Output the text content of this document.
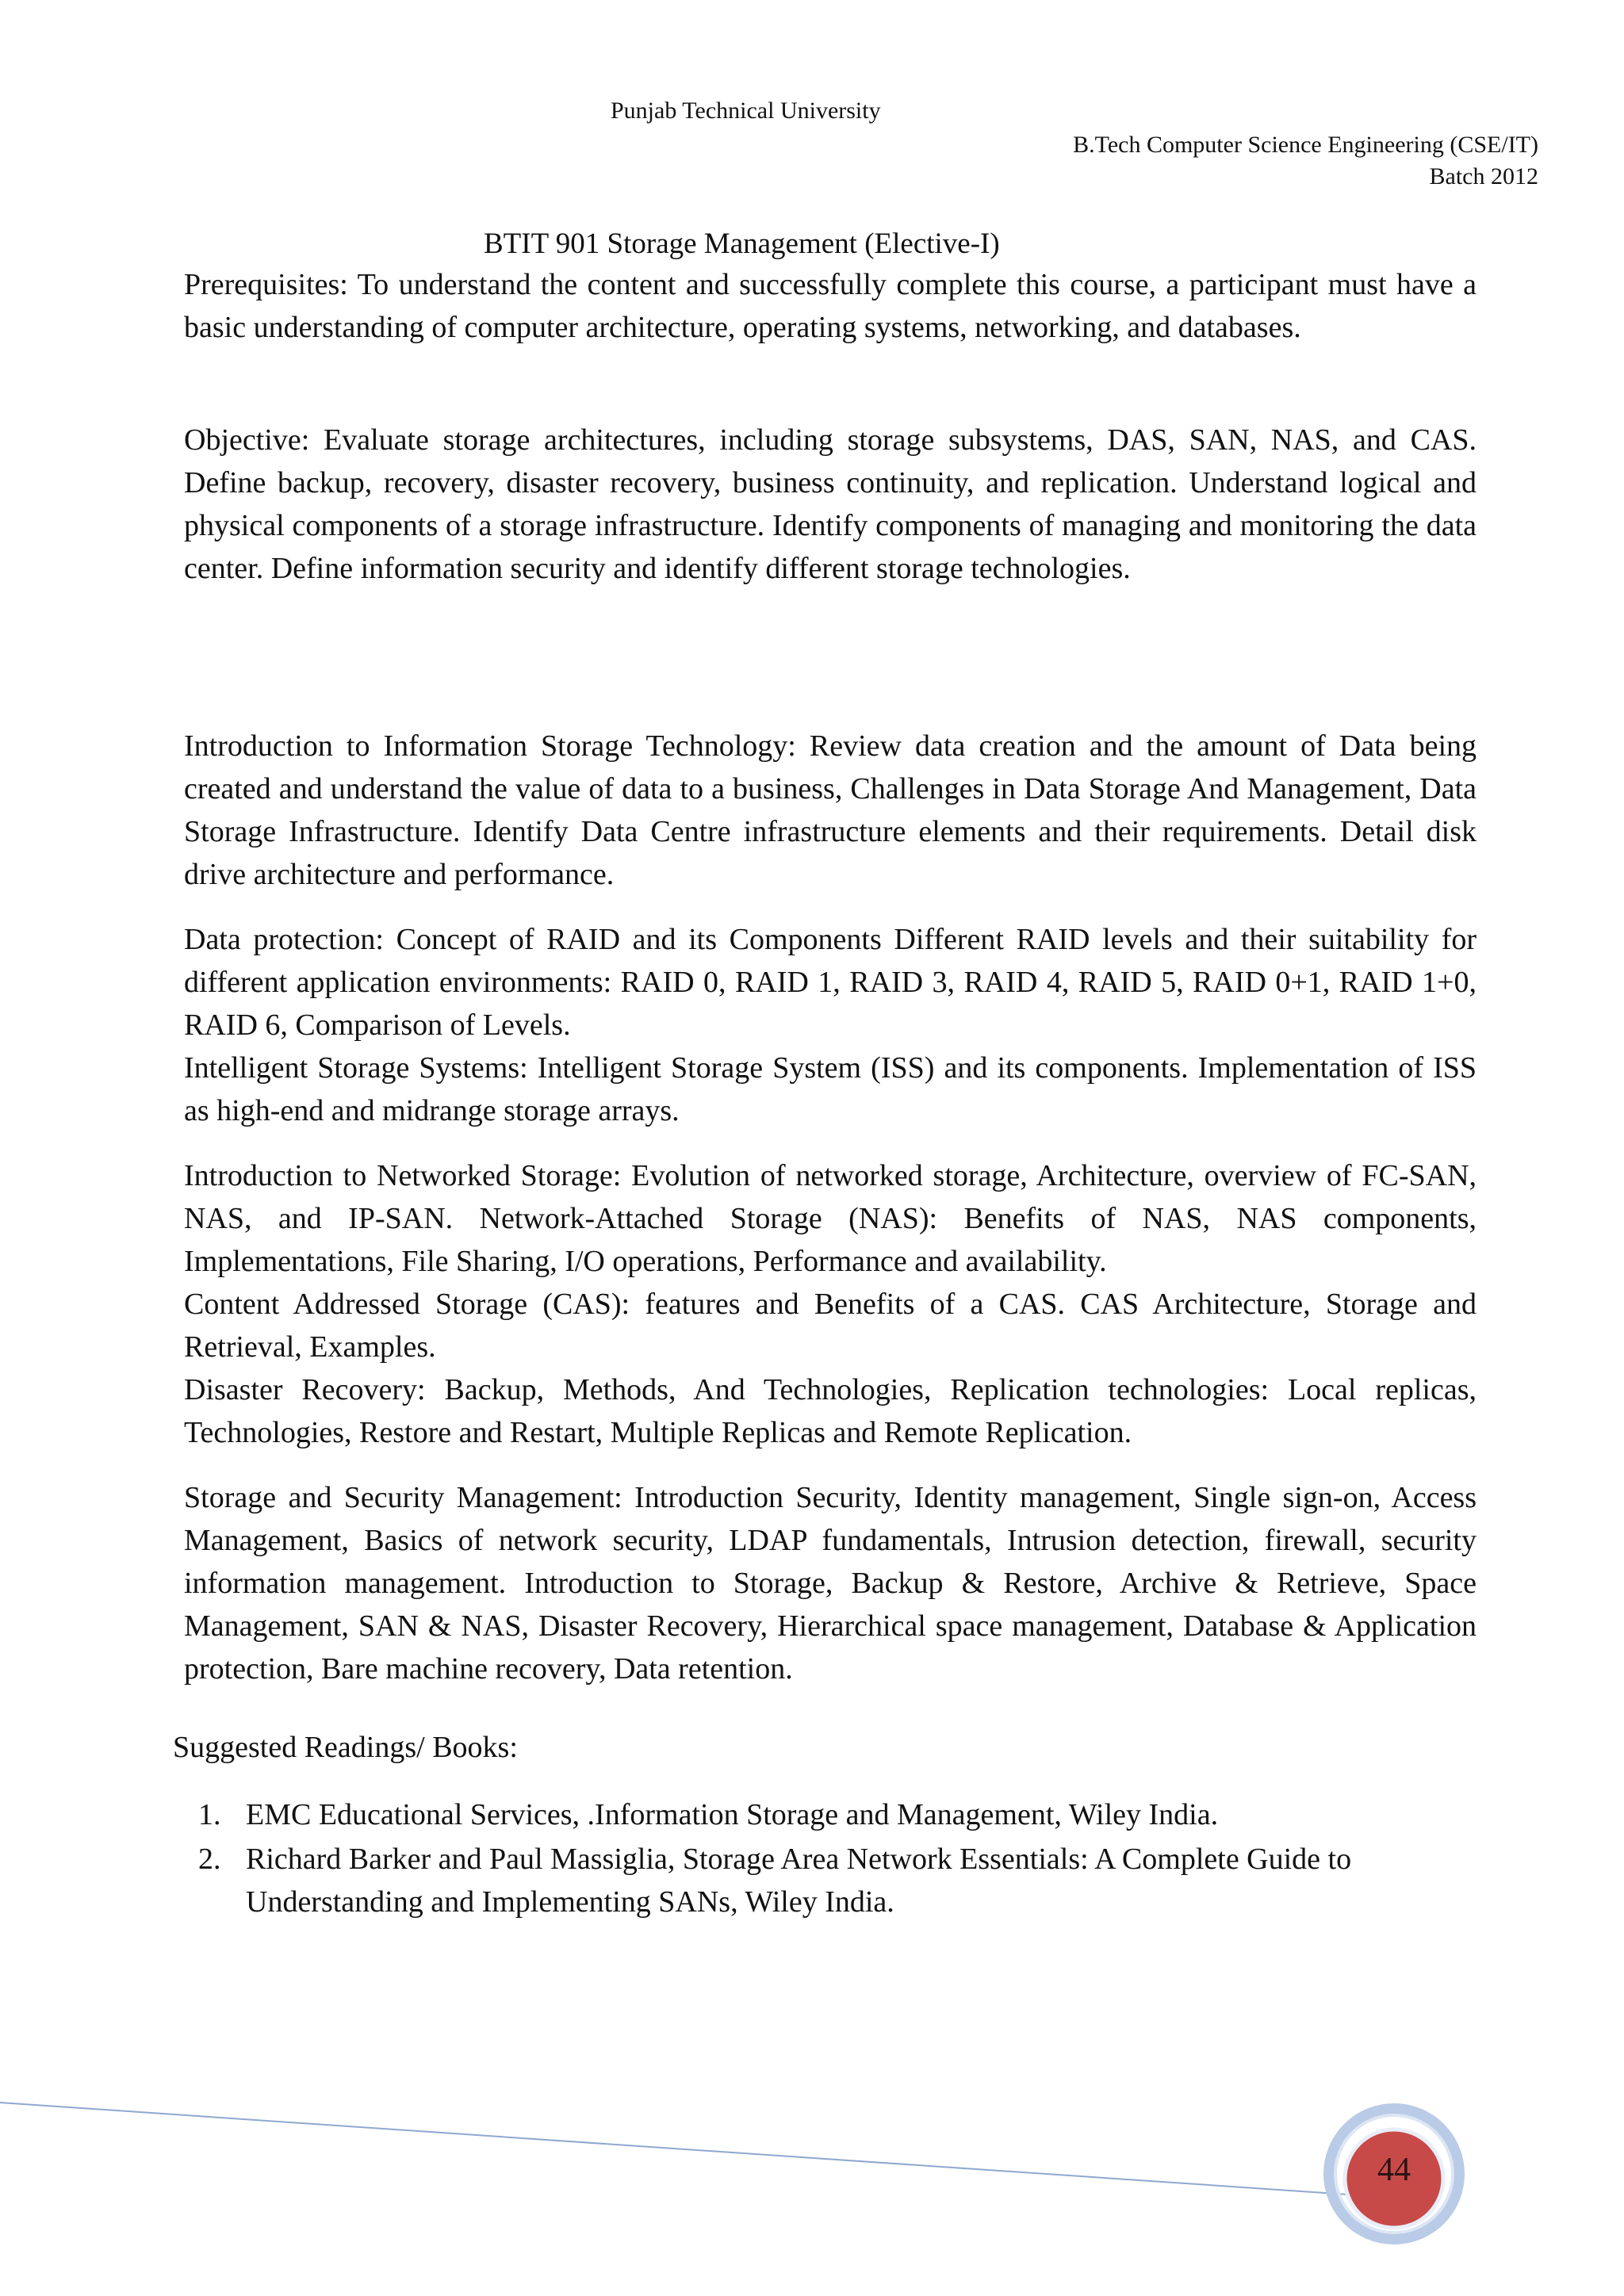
Punjab Technical University
B.Tech Computer Science Engineering (CSE/IT)
Batch 2012
BTIT 901 Storage Management (Elective-I)

Prerequisites: To understand the content and successfully complete this course, a participant must have a basic understanding of computer architecture, operating systems, networking, and databases.

Objective: Evaluate storage architectures, including storage subsystems, DAS, SAN, NAS, and CAS. Define backup, recovery, disaster recovery, business continuity, and replication. Understand logical and physical components of a storage infrastructure. Identify components of managing and monitoring the data center. Define information security and identify different storage technologies.

Introduction to Information Storage Technology: Review data creation and the amount of Data being created and understand the value of data to a business, Challenges in Data Storage And Management, Data Storage Infrastructure. Identify Data Centre infrastructure elements and their requirements. Detail disk drive architecture and performance.

Data protection: Concept of RAID and its Components Different RAID levels and their suitability for different application environments: RAID 0, RAID 1, RAID 3, RAID 4, RAID 5, RAID 0+1, RAID 1+0, RAID 6, Comparison of Levels.

Intelligent Storage Systems: Intelligent Storage System (ISS) and its components. Implementation of ISS as high-end and midrange storage arrays.

Introduction to Networked Storage: Evolution of networked storage, Architecture, overview of FC-SAN, NAS, and IP-SAN. Network-Attached Storage (NAS): Benefits of NAS, NAS components, Implementations, File Sharing, I/O operations, Performance and availability.

Content Addressed Storage (CAS): features and Benefits of a CAS. CAS Architecture, Storage and Retrieval, Examples.

Disaster Recovery: Backup, Methods, And Technologies, Replication technologies: Local replicas, Technologies, Restore and Restart, Multiple Replicas and Remote Replication.

Storage and Security Management: Introduction Security, Identity management, Single sign-on, Access Management, Basics of network security, LDAP fundamentals, Intrusion detection, firewall, security information management. Introduction to Storage, Backup & Restore, Archive & Retrieve, Space Management, SAN & NAS, Disaster Recovery, Hierarchical space management, Database & Application protection, Bare machine recovery, Data retention.

Suggested Readings/ Books:
1. EMC Educational Services, .Information Storage and Management, Wiley India.
2. Richard Barker and Paul Massiglia, Storage Area Network Essentials: A Complete Guide to Understanding and Implementing SANs, Wiley India.
44
